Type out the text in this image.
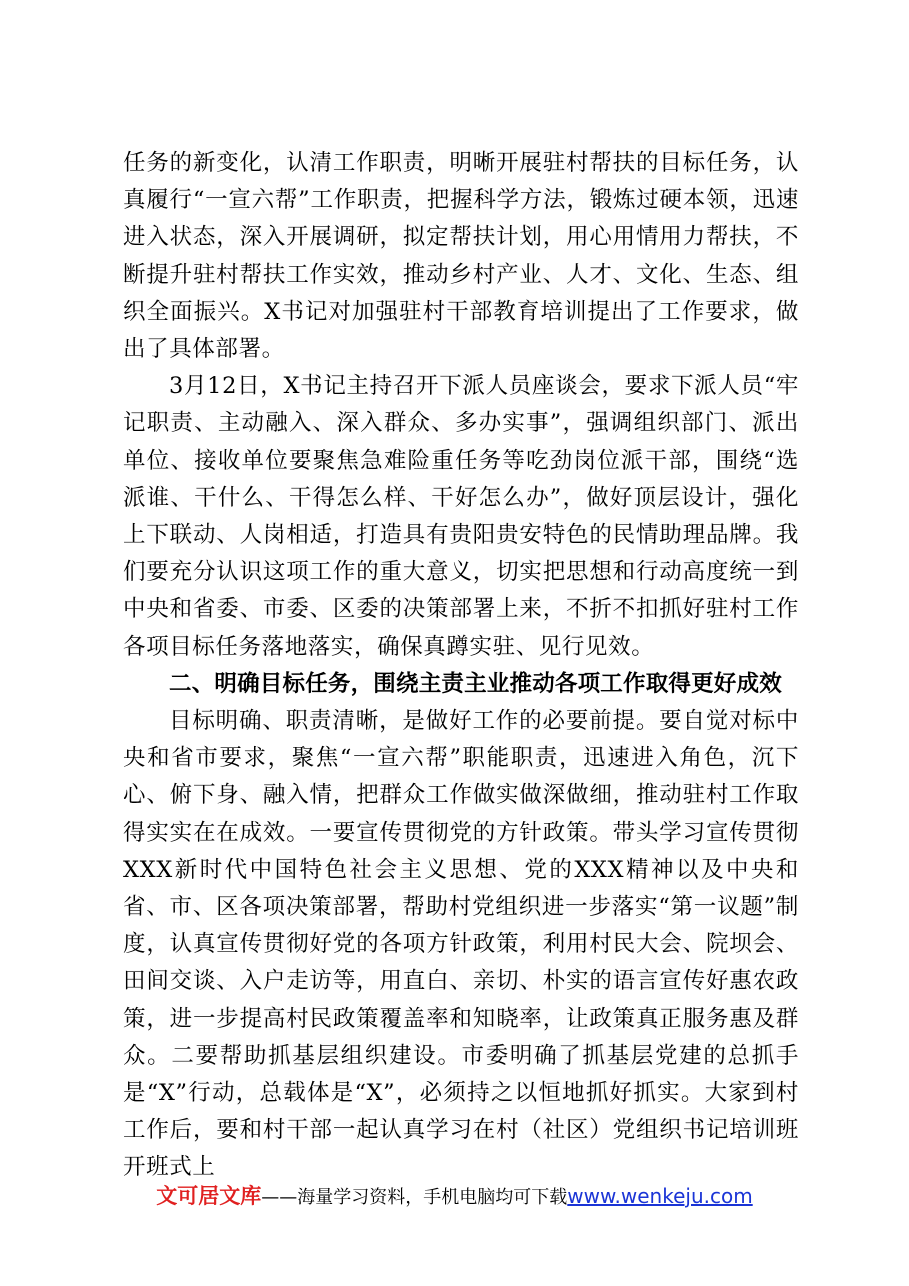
任务的新变化，认清工作职责，明晰开展驻村帮扶的目标任务，认真履行“一宣六帮”工作职责，把握科学方法，锻炼过硬本领，迅速进入状态，深入开展调研，拟定帮扶计划，用心用情用力帮扶，不断提升驻村帮扶工作实效，推动乡村产业、人才、文化、生态、组织全面振兴。X书记对加强驻村干部教育培训提出了工作要求，做出了具体部署。

3月12日，X书记主持召开下派人员座谈会，要求下派人员“牢记职责、主动融入、深入群众、多办实事”，强调组织部门、派出单位、接收单位要聚焦急难险重任务等吃劲岗位派干部，围绕“选派谁、干什么、干得怎么样、干好怎么办”，做好顶层设计，强化上下联动、人岗相适，打造具有贵阳贵安特色的民情助理品牌。我们要充分认识这项工作的重大意义，切实把思想和行动高度统一到中央和省委、市委、区委的决策部署上来，不折不扣抓好驻村工作各项目标任务落地落实，确保真蹲实驻、见行见效。

二、明确目标任务，围绕主责主业推动各项工作取得更好成效

目标明确、职责清晰，是做好工作的必要前提。要自觉对标中央和省市要求，聚焦“一宣六帮”职能职责，迅速进入角色，沉下心、俯下身、融入情，把群众工作做实做深做细，推动驻村工作取得实实在在成效。一要宣传贯彻党的方针政策。带头学习宣传贯彻XXX新时代中国特色社会主义思想、党的XXX精神以及中央和省、市、区各项决策部署，帮助村党组织进一步落实“第一议题”制度，认真宣传贯彻好党的各项方针政策，利用村民大会、院坝会、田间交谈、入户走访等，用直白、亲切、朴实的语言宣传好惠农政策，进一步提高村民政策覆盖率和知晓率，让政策真正服务惠及群众。二要帮助抓基层组织建设。市委明确了抓基层党建的总抓手是“X”行动，总载体是“X”，必须持之以恒地抓好抓实。大家到村工作后，要和村干部一起认真学习在村（社区）党组织书记培训班开班式上

文可居文库——海量学习资料，手机电脑均可下载www.wenkeju.com
